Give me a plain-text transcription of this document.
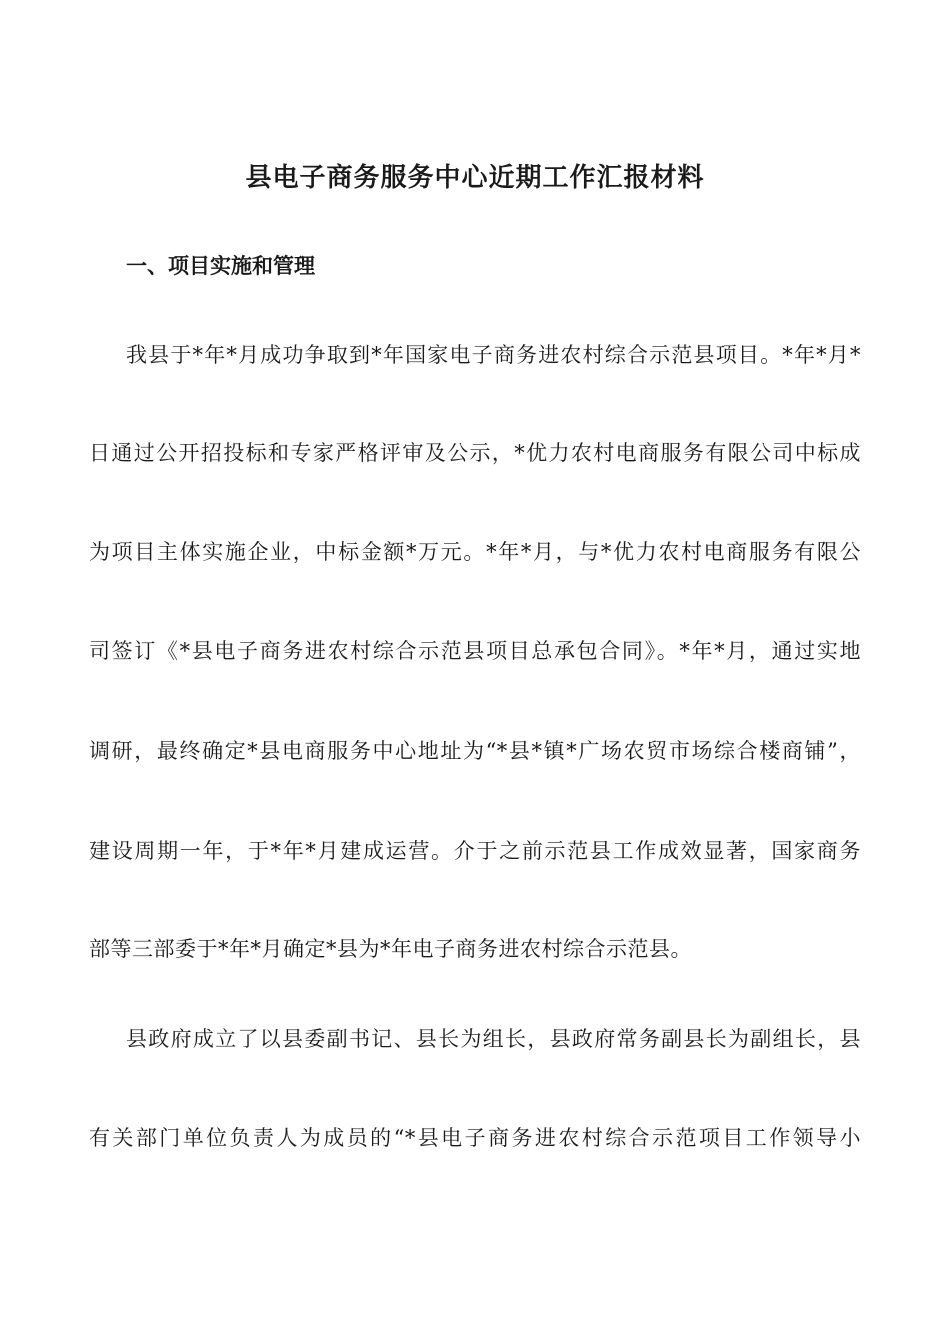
县电子商务服务中心近期工作汇报材料
一、项目实施和管理
我县于*年*月成功争取到*年国家电子商务进农村综合示范县项目。*年*月*
日通过公开招投标和专家严格评审及公示，*优力农村电商服务有限公司中标成
为项目主体实施企业，中标金额*万元。*年*月，与*优力农村电商服务有限公
司签订《*县电子商务进农村综合示范县项目总承包合同》。*年*月，通过实地
调研，最终确定*县电商服务中心地址为“*县*镇*广场农贸市场综合楼商铺”，
建设周期一年，于*年*月建成运营。介于之前示范县工作成效显著，国家商务
部等三部委于*年*月确定*县为*年电子商务进农村综合示范县。
县政府成立了以县委副书记、县长为组长，县政府常务副县长为副组长，县
有关部门单位负责人为成员的“*县电子商务进农村综合示范项目工作领导小
